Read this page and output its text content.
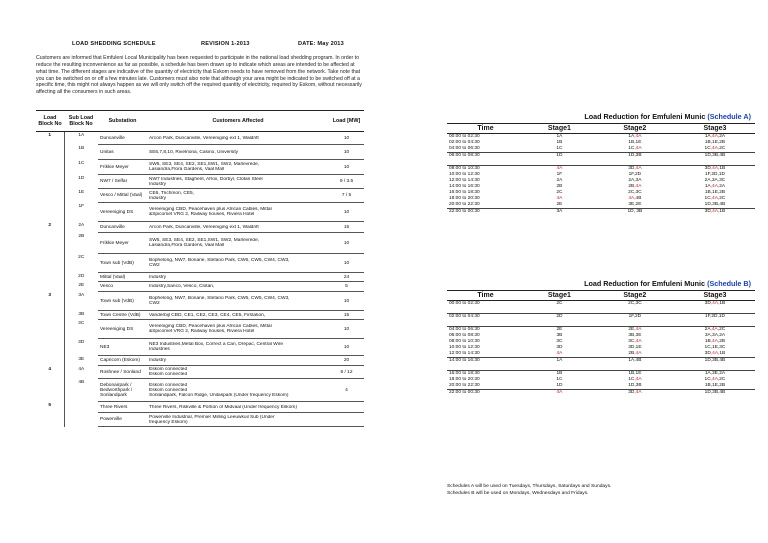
LOAD SHEDDING SCHEDULE	REVISION 1-2013	DATE: May 2013
Customers are informed that Emfuleni Local Municipality has been requested to participate in the national load shedding program. In order to reduce the resulting inconvenience as far as possible, a schedule has been drawn up to indicate which areas are intended to be affected at what time. The different stages are indicative of the quantity of electricity that Eskom needs to have removed from the network. Take note that you can be switched on or off a few minutes late. Customers must also note that although your area might be indicated to be switched off at a specific time, this might not always happen as we will only switch off the required quantity of electricity, required by Eskom, without necessarily affecting all the consumers in such areas.
Load Block No	Sub Load Block No	Substation	Customers Affected	Load [MW]
1	1A	Duncanville	Arcon Park, Duncanville, Vereeniging ext 1, Waldrift	10
	1B	Unitas	SE6,7,8,10, Rivelriona, Casino, University	10
	1C	Frikkie Meyer	SW5, SE3, SE4, SE2, SE1,SW1, SW2, Marlevrede,
Lasiandra,Flora Gardens, Vaal Mall	10
	1D	NW7 / Selfar	NW7 Industries, Staghent, Afrox, Dorbyl, Clotan Steel
Industry	9 / 3.5
	1E	Vesco / Mittal (Vaal)	CE6, Trichmon, CE5,
Industry	7 / 5
	1F	Vereeniging DS	Vereeniging CBD, Peacehaven plus African Cables, Mittal
&Spicomet VRG 2, Railway houses, Riviera Hotel	10
2	2A	Duncanville	Arcon Park, Duncanville, Vereeniging ext 1, Waldrift	15
	2B	Frikkie Meyer	SW5, SE3, SE4, SE2, SE1,SW1, SW2, Marlevrede,
Lasiandra,Flora Gardens, Vaal Mall	10
	2C	Town sub (VdB)	Bophelong, NW7, Bonane, Stefano Park, CW6, CW5, CW4, CW3,
CW2	10
	2D	Mittal (Vaal)	Industry	24
	2E	Vesco	Industry,Sanco, Vesco, Clotan,	5
3	3A	Town sub (VdB)	Bophelong, NW7, Bonane, Stefano Park, CW6, CW5, CW4, CW3,
CW2	10
	3B	Town Centre (VdB)	Vanderbijl CBD, CE1, CE2, CE3, CE4, CE5, Firstation,	15
	3C	Vereeniging DS	Vereeniging CBD, Peacehaven plus African Cables, Mittal
&Spicomet VRG 2, Railway houses, Riviera Hotel	10
	3D	NE3	NE3 Industries,Metal Box, Correct a Can, Drepac, Central Wire
Industries	10
	3E	Capricorn (Eskom)	Industry	20
4	4A	Roshnee / Sonland	Eskom connected
Eskom connected	8 / 12
	4B	Debonairpark / Bedworthpark / Sonlandpark	Eskom connected
Eskom connected
Sonlandpark, Falcon Ridge, Unitaspark (Under frequency Eskom)	4
5		Three Rivers	Three Rivers, Riskville & Portion of Midvaal (Under frequency Eskom)	

		Powerville	Powerville Industrial, Premier Milling Leeuwkuil Sub (Under
frequency Eskom)	

Load Reduction for Emfuleni Munic (Schedule A)
Time	Stage1	Stage2	Stage3
00:00 to 02:30	1A	1A,4A	1A,4A,2A
02:00 to 04:30	1B	1B,1E	1B,1E,2B
04:00 to 06:30	1C	1C,4A	1C,4A,2C
06:00 to 08:30	1D	1D,3B	1D,3B,4B
08:00 to 10:30	4A	3D,4A	3D,4A,1B
10:00 to 12:30	1F	1F,2D	1F,2D,1D
12:00 to 14:30	2A	2A,3A	2A,3A,3C
14:00 to 16:30	2B	2B,4A	1A,4A,2A
16:00 to 18:30	2C	2C,3C	1B,1E,2B
18:00 to 20:30	4A	4A,4B	1C,4A,2C
20:00 to 22:30	2E	3E,2E	1D,3B,4B
22:00 to 00:30	3A	1D, 3B	3D,4A,1B
Load Reduction for Emfuleni Munic (Schedule B)
Time	Stage1	Stage2	Stage3
00:00 to 02:30	2C	2C,3C	3D,4A,1B
02:00 to 04:30	2D	1F,2D	1F,2D,1D
04:00 to 06:30	2E	2E,4A	2A,4A,2C
06:00 to 08:30	3B	3B,3E	3A,3A,2A
08:00 to 10:30	3C	3C,4A	1B,4A,2B
10:00 to 12:30	3D	3D,1E	1C,1E,3C
12:00 to 14:30	4A	2B,4A	3D,4A,1B
14:00 to 16:30	1A	1A,4B	1D,3B,4B
16:00 to 18:30	1B	1B,1E	1A,3E,2A
18:00 to 20:30	1C	1C,4A	1C,4A,2C
20:00 to 22:30	1D	1D,3B	1B,1E,2B
22:00 to 00:30	4A	3D,4A	1D,3B,4B
Schedules A will be used on Tuesdays, Thursdays, Saturdays and Sundays.
Schedules B will be used on Mondays, Wednesdays and Fridays.
